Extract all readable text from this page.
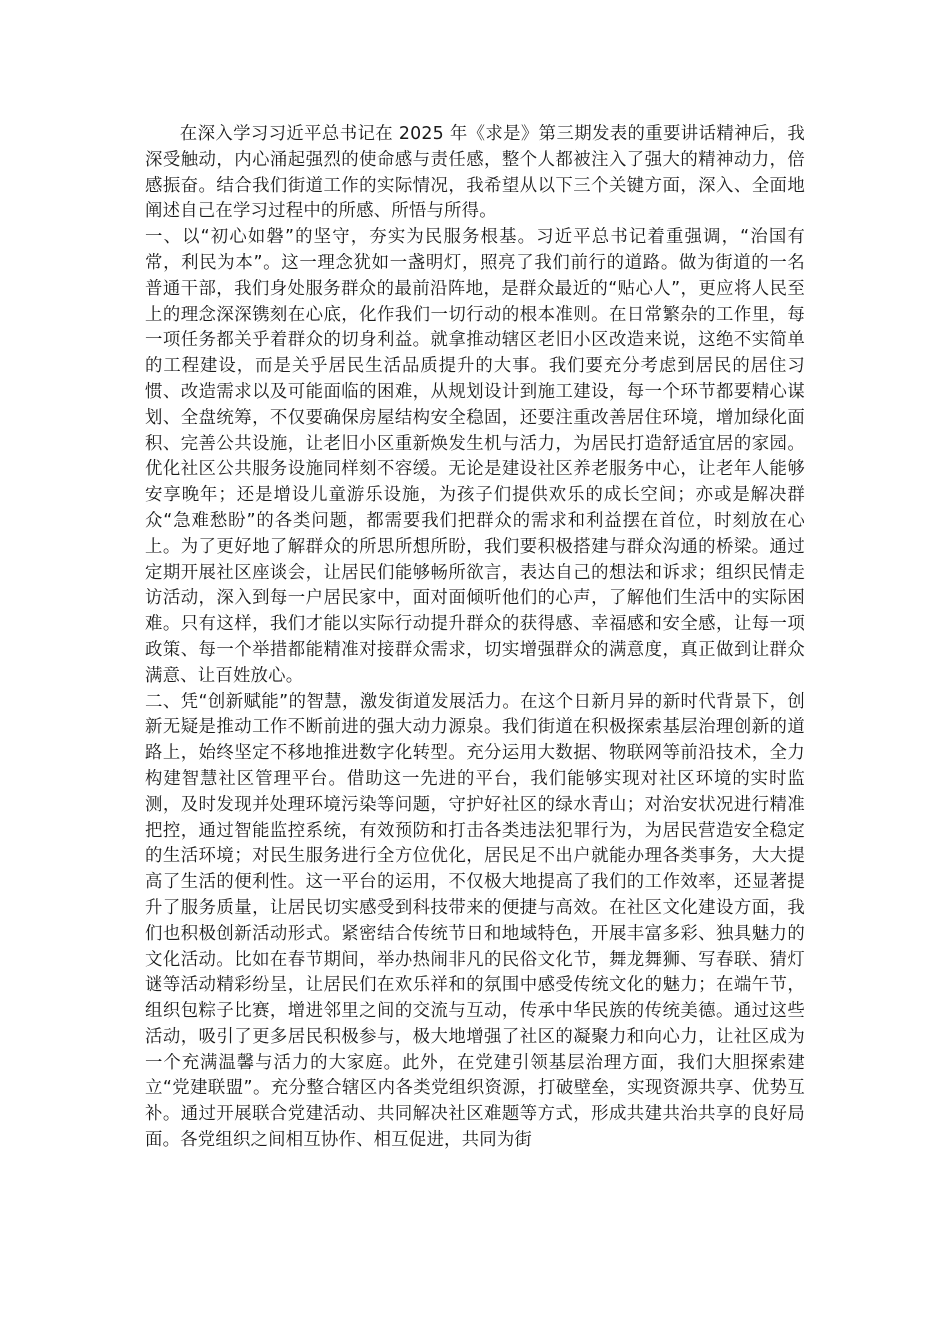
在深入学习习近平总书记在 2025 年《求是》第三期发表的重要讲话精神后，我深受触动，内心涌起强烈的使命感与责任感，整个人都被注入了强大的精神动力，倍感振奋。结合我们街道工作的实际情况，我希望从以下三个关键方面，深入、全面地阐述自己在学习过程中的所感、所悟与所得。

一、以“初心如磐”的坚守，夯实为民服务根基。习近平总书记着重强调，“治国有常，利民为本”。这一理念犹如一盏明灯，照亮了我们前行的道路。做为街道的一名普通干部，我们身处服务群众的最前沿阵地，是群众最近的“贴心人”，更应将人民至上的理念深深镌刻在心底，化作我们一切行动的根本准则。在日常繁杂的工作里，每一项任务都关乎着群众的切身利益。就拿推动辖区老旧小区改造来说，这绝不实简单的工程建设，而是关乎居民生活品质提升的大事。我们要充分考虑到居民的居住习惯、改造需求以及可能面临的困难，从规划设计到施工建设，每一个环节都要精心谋划、全盘统筹，不仅要确保房屋结构安全稳固，还要注重改善居住环境，增加绿化面积、完善公共设施，让老旧小区重新焕发生机与活力，为居民打造舒适宜居的家园。优化社区公共服务设施同样刻不容缓。无论是建设社区养老服务中心，让老年人能够安享晚年；还是增设儿童游乐设施，为孩子们提供欢乐的成长空间；亦或是解决群众“急难愁盼”的各类问题，都需要我们把群众的需求和利益摆在首位，时刻放在心上。为了更好地了解群众的所思所想所盼，我们要积极搭建与群众沟通的桥梁。通过定期开展社区座谈会，让居民们能够畅所欲言，表达自己的想法和诉求；组织民情走访活动，深入到每一户居民家中，面对面倾听他们的心声，了解他们生活中的实际困难。只有这样，我们才能以实际行动提升群众的获得感、幸福感和安全感，让每一项政策、每一个举措都能精准对接群众需求，切实增强群众的满意度，真正做到让群众满意、让百姓放心。

二、凭“创新赋能”的智慧，激发街道发展活力。在这个日新月异的新时代背景下，创新无疑是推动工作不断前进的强大动力源泉。我们街道在积极探索基层治理创新的道路上，始终坚定不移地推进数字化转型。充分运用大数据、物联网等前沿技术，全力构建智慧社区管理平台。借助这一先进的平台，我们能够实现对社区环境的实时监测，及时发现并处理环境污染等问题，守护好社区的绿水青山；对治安状况进行精准把控，通过智能监控系统，有效预防和打击各类违法犯罪行为，为居民营造安全稳定的生活环境；对民生服务进行全方位优化，居民足不出户就能办理各类事务，大大提高了生活的便利性。这一平台的运用，不仅极大地提高了我们的工作效率，还显著提升了服务质量，让居民切实感受到科技带来的便捷与高效。在社区文化建设方面，我们也积极创新活动形式。紧密结合传统节日和地域特色，开展丰富多彩、独具魅力的文化活动。比如在春节期间，举办热闹非凡的民俗文化节，舞龙舞狮、写春联、猜灯谜等活动精彩纷呈，让居民们在欢乐祥和的氛围中感受传统文化的魅力；在端午节，组织包粽子比赛，增进邻里之间的交流与互动，传承中华民族的传统美德。通过这些活动，吸引了更多居民积极参与，极大地增强了社区的凝聚力和向心力，让社区成为一个充满温馨与活力的大家庭。此外，在党建引领基层治理方面，我们大胆探索建立“党建联盟”。充分整合辖区内各类党组织资源，打破壁垒，实现资源共享、优势互补。通过开展联合党建活动、共同解决社区难题等方式，形成共建共治共享的良好局面。各党组织之间相互协作、相互促进，共同为街
